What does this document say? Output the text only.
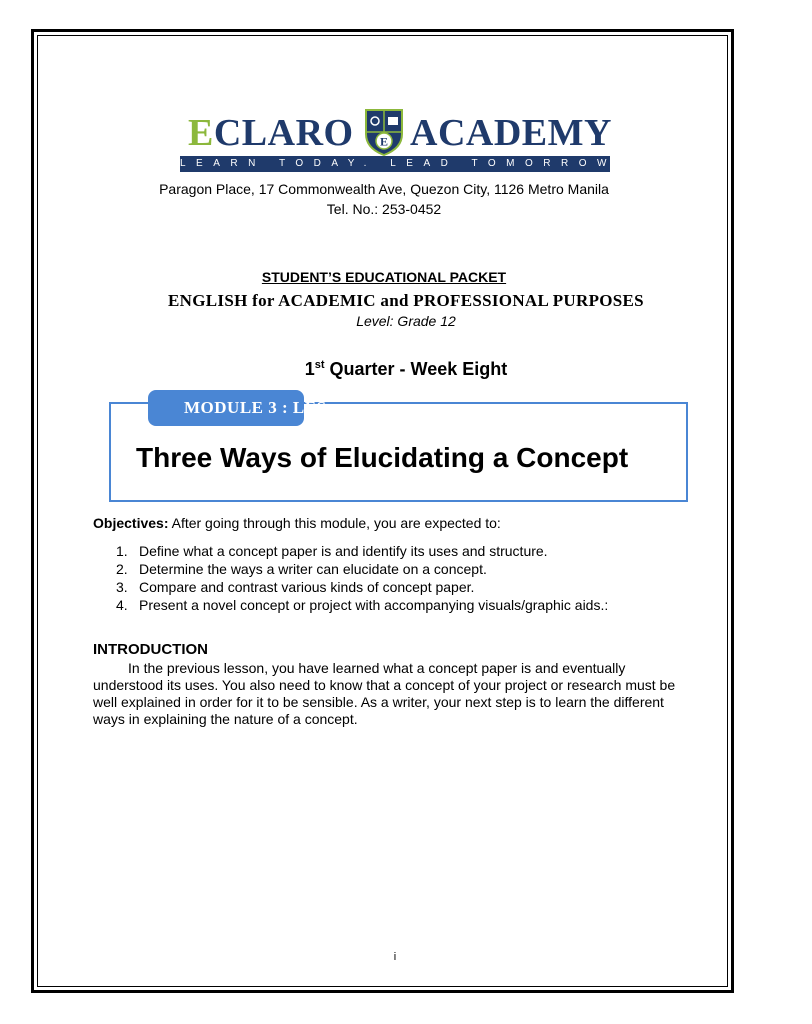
ECLARO E ACADEMY
LEARN TODAY. LEAD TOMORROW.
Paragon Place, 17 Commonwealth Ave, Quezon City, 1126 Metro Manila
Tel. No.: 253-0452
STUDENT’S EDUCATIONAL PACKET
ENGLISH for ACADEMIC and PROFESSIONAL PURPOSES
Level: Grade 12
1st Quarter - Week Eight
MODULE 3 : LES
Three Ways of Elucidating a Concept
Objectives: After going through this module, you are expected to:
1. Define what a concept paper is and identify its uses and structure.
2. Determine the ways a writer can elucidate on a concept.
3. Compare and contrast various kinds of concept paper.
4. Present a novel concept or project with accompanying visuals/graphic aids.:
INTRODUCTION

In the previous lesson, you have learned what a concept paper is and eventually understood its uses. You also need to know that a concept of your project or research must be well explained in order for it to be sensible. As a writer, your next step is to learn the different ways in explaining the nature of a concept.

i
